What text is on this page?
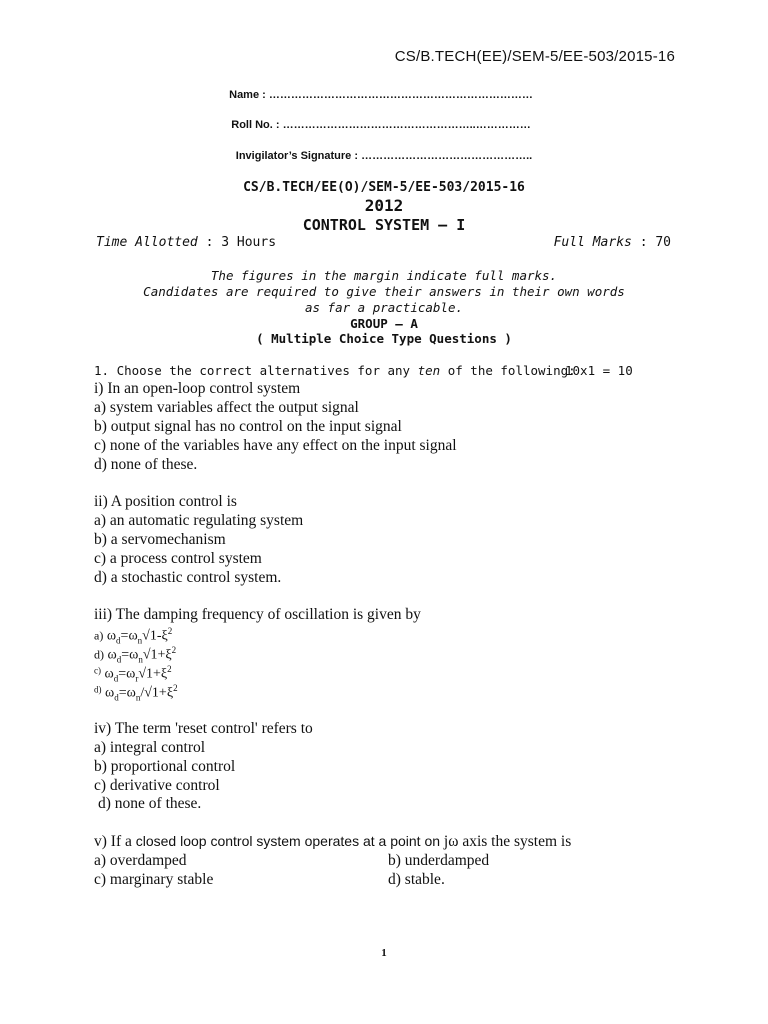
CS/B.TECH(EE)/SEM-5/EE-503/2015-16
Name : ………………………………………………………………
Roll No. : ……………………………………………..……………
Invigilator’s Signature : ………………………………………..
CS/B.TECH/EE(O)/SEM-5/EE-503/2015-16
2012
CONTROL SYSTEM – I
Time Allotted : 3 Hours	Full Marks : 70
The figures in the margin indicate full marks.
Candidates are required to give their answers in their own words
as far a practicable.
GROUP – A
( Multiple Choice Type Questions )
1. Choose the correct alternatives for any ten of the following:
10x1 = 10
i) In an open-loop control system
a) system variables affect the output signal
b) output signal has no control on the input signal
c) none of the variables have any effect on the input signal
d) none of these.
ii) A position control is
a) an automatic regulating system
b) a servomechanism
c) a process control system
d) a stochastic control system.
iii) The damping frequency of oscillation is given by
a) $\omega_d=\omega_n√1-\xi^2$
d) $\omega_d=\omega_n√1+\xi^2$
$^{c)}$ $\omega_d=\omega_r√1+\xi^2$
$^{d)}$ $\omega_d=\omega_n/√1+\xi^2$
iv) The term 'reset control' refers to
a) integral control
b) proportional control
c) derivative control
d) none of these.
v) If a closed loop control system operates at a point on jω axis the system is
a) overdamped	b) underdamped
c) marginary stable	d) stable.
1
